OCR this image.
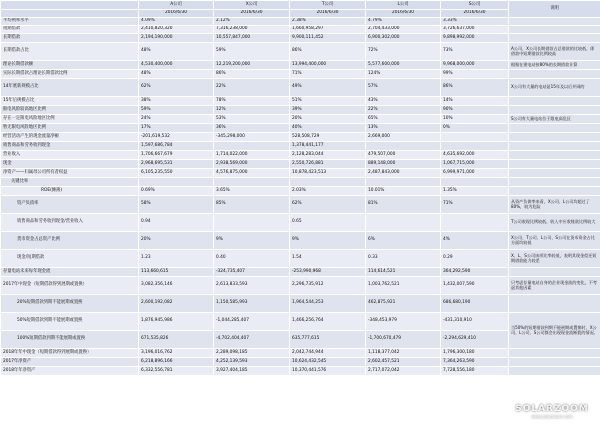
	A公司	X公司	T公司	L公司	S公司	说明
	2016/6/30	2016/6/30	2016/6/30	2016/6/30	2016/6/30	
平均利率水平	4.09%	2.12%	2.38%	4.79%	3.33%	
短期借款	2,410,820,320	7,316,238,000	1,660,958,297	2,704,433,000	3,726,637,000	
长期借款	2,194,190,000	10,557,847,000	9,900,111,452	6,900,302,000	9,898,992,000	
长期借款占比	48%	59%	86%	72%	73%	A公司、X公司长期借款占总借款的比较低，即借款中短期借款比例较高
理论长期借款额	4,530,400,000	12,219,200,000	13,994,400,000	5,577,600,000	9,968,000,000	根据在建电站按80%的长期借款计算
实际长期借款占理论长期借款比例	48%	86%	71%	124%	99%	
14年底新规模占比	62%	22%	49%	57%	86%	X公司有大量的电站是15年及以后并网的
15年后规模占比	38%	78%	51%	43%	14%	
限电风险较高地区比例	59%	12%	39%	22%	90%	
存在一定限电风险地区比例	24%	53%	20%	65%	10%	S公司有大量电站位于限电高危区
暂无限电风险地区比例	17%	36%	40%	13%	0%	
经营活动产生的现金流量净额	-201,619,532	-345,298,000	528,508,729	2,669,000		
销售商品和劳务收到现金	1,597,686,784		1,378,441,177			
营业收入	1,706,667,679	1,714,022,000	2,128,283,044	479,507,000	4,635,692,000	
现金	2,968,695,531	2,938,569,000	2,550,726,881	889,148,000	1,067,715,000	
净资产——归属母公司所有者权益	6,105,235,550	4,576,875,000	10,878,423,513	2,487,843,000	6,999,971,000	
关键比率						
ROE(摊薄)	0.69%	3.65%	2.03%	10.01%	1.35%	
资产负债率	58%	85%	62%	81%	71%	从资产负债率来看，X公司、L公司均超过了80%，较为危险
销售商品和劳务收到现金/营业收入	0.94		0.65			T公司收现比例较低，收入中应收账款比例较大
货币资金占总资产比例	20%	9%	9%	6%	4%	X公司、T公司、L公司、S公司在货币资金占比方面均较低
现金/短期借款	1.23	0.40	1.54	0.33	0.29	X、L、S公司该项比率较低，表明其现金偿还短期借款能力较差
存量电站未来每年现金流	113,660,615	-324,735,407	-253,990,968	114,614,521	364,292,590	
2017年中现金（短期借款得到展期或置换）	3,082,356,146	2,613,833,593	2,296,735,912	1,003,762,521	1,432,007,590	只考虑存量电站自身的企业现金流的变化，不考虑其他因素
20%短期借款到期不能展期或置换	2,600,192,082	1,150,585,993	1,964,544,253	462,875,921	686,680,190	
50%短期借款到期不能展期或置换	1,876,945,986	-1,044,285,407	1,466,256,764	-348,453,979	-431,310,910	当50%的短期借款到期不能展期或置换时，X公司、L公司、S公司都会出现现金流断裂的情况。
100%短期借款到期不能展期或置换	671,535,826	-4,702,404,407	635,777,615	-1,700,670,479	-2,294,629,410	
2018年年中现金（短期借款得到展期或置换）	3,196,016,762	2,289,098,185	2,042,744,944	1,118,377,042	1,796,300,180	
2017年净资产	6,218,896,166	4,252,139,593	10,624,432,545	2,602,457,521	7,364,263,590	
2018年年净资产	6,332,556,781	3,927,404,185	10,370,441,576	2,717,072,042	7,728,556,180	
SOLARZOOM
www.solarzoom.com
